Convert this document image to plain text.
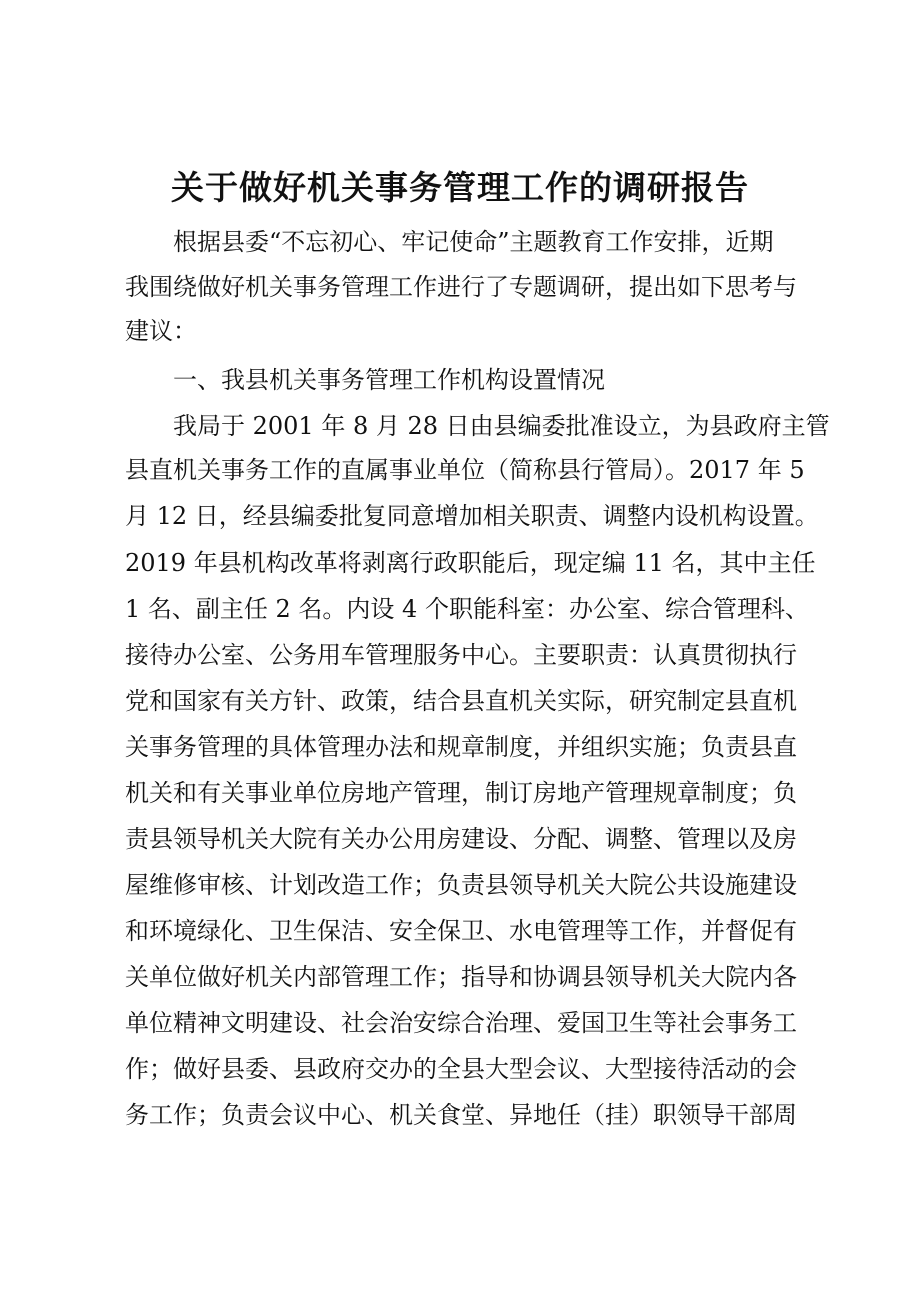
关于做好机关事务管理工作的调研报告
根据县委“不忘初心、牢记使命”主题教育工作安排，近期
我围绕做好机关事务管理工作进行了专题调研，提出如下思考与
建议：
一、我县机关事务管理工作机构设置情况
我局于 2001 年 8 月 28 日由县编委批准设立，为县政府主管
县直机关事务工作的直属事业单位（简称县行管局）。2017 年 5
月 12 日，经县编委批复同意增加相关职责、调整内设机构设置。
2019 年县机构改革将剥离行政职能后，现定编 11 名，其中主任
1 名、副主任 2 名。内设 4 个职能科室：办公室、综合管理科、
接待办公室、公务用车管理服务中心。主要职责：认真贯彻执行
党和国家有关方针、政策，结合县直机关实际，研究制定县直机
关事务管理的具体管理办法和规章制度，并组织实施；负责县直
机关和有关事业单位房地产管理，制订房地产管理规章制度；负
责县领导机关大院有关办公用房建设、分配、调整、管理以及房
屋维修审核、计划改造工作；负责县领导机关大院公共设施建设
和环境绿化、卫生保洁、安全保卫、水电管理等工作，并督促有
关单位做好机关内部管理工作；指导和协调县领导机关大院内各
单位精神文明建设、社会治安综合治理、爱国卫生等社会事务工
作；做好县委、县政府交办的全县大型会议、大型接待活动的会
务工作；负责会议中心、机关食堂、异地任（挂）职领导干部周
